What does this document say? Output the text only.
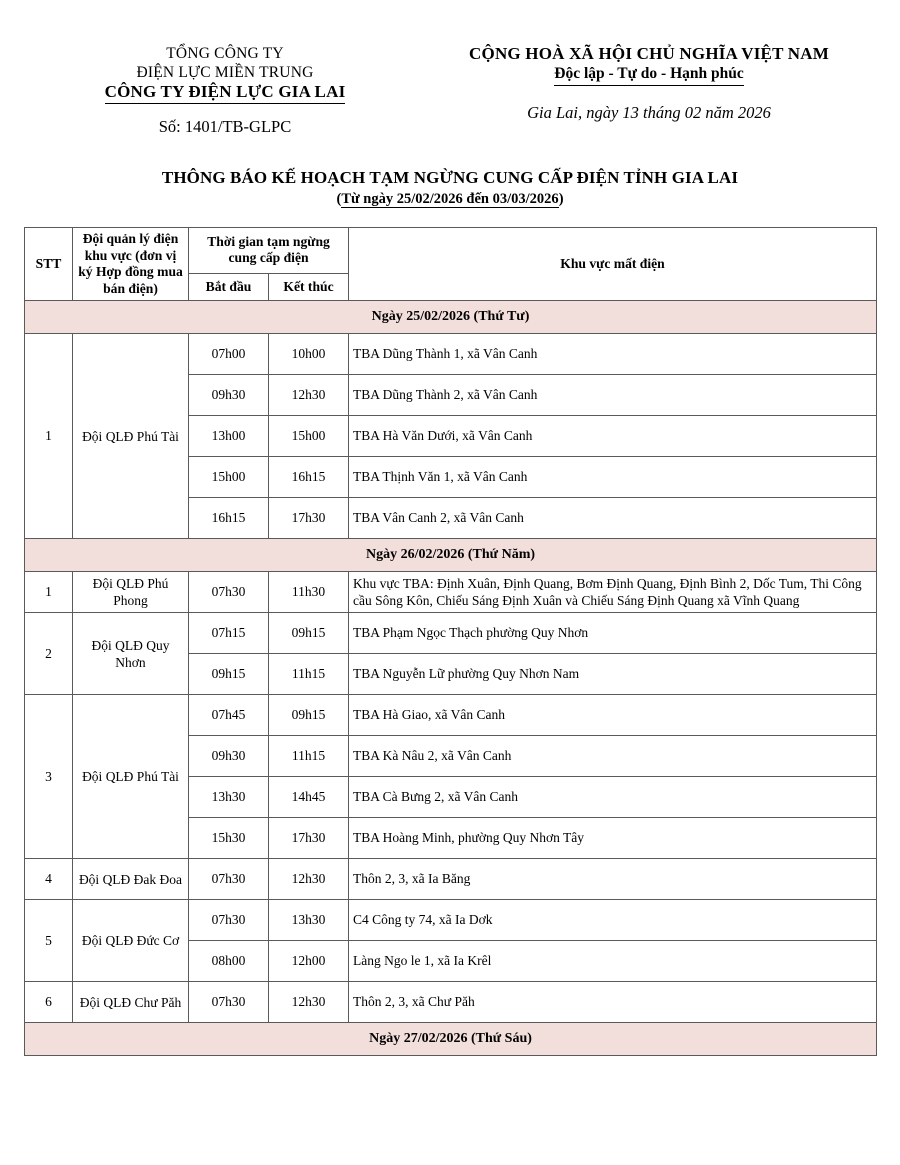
TỔNG CÔNG TY
ĐIỆN LỰC MIỀN TRUNG
CÔNG TY ĐIỆN LỰC GIA LAI
Số: 1401/TB-GLPC
CỘNG HOÀ XÃ HỘI CHỦ NGHĨA VIỆT NAM
Độc lập - Tự do - Hạnh phúc
Gia Lai, ngày 13 tháng 02 năm 2026
THÔNG BÁO KẾ HOẠCH TẠM NGỪNG CUNG CẤP ĐIỆN TỈNH GIA LAI
(Từ ngày 25/02/2026 đến 03/03/2026)
STT	Đội quản lý điện khu vực (đơn vị ký Hợp đồng mua bán điện)	Thời gian tạm ngừng cung cấp điện		Khu vực mất điện
		Bắt đầu	Kết thúc	
Ngày 25/02/2026 (Thứ Tư)				
1	Đội QLĐ Phú Tài	07h00	10h00	TBA Dũng Thành 1, xã Vân Canh
		09h30	12h30	TBA Dũng Thành 2, xã Vân Canh
		13h00	15h00	TBA Hà Văn Dưới, xã Vân Canh
		15h00	16h15	TBA Thịnh Văn 1, xã Vân Canh
		16h15	17h30	TBA Vân Canh 2, xã Vân Canh
Ngày 26/02/2026 (Thứ Năm)				
1	Đội QLĐ Phú Phong	07h30	11h30	Khu vực TBA: Định Xuân, Định Quang, Bơm Định Quang, Định Bình 2, Dốc Tum, Thi Công cầu Sông Kôn, Chiếu Sáng Định Xuân và Chiếu Sáng Định Quang xã Vĩnh Quang
2	Đội QLĐ Quy Nhơn	07h15	09h15	TBA Phạm Ngọc Thạch phường Quy Nhơn
		09h15	11h15	TBA Nguyễn Lữ phường Quy Nhơn Nam
3	Đội QLĐ Phú Tài	07h45	09h15	TBA Hà Giao, xã Vân Canh
		09h30	11h15	TBA Kà Nâu 2, xã Vân Canh
		13h30	14h45	TBA Cà Bưng 2, xã Vân Canh
		15h30	17h30	TBA Hoàng Minh, phường Quy Nhơn Tây
4	Đội QLĐ Đak Đoa	07h30	12h30	Thôn 2, 3, xã Ia Băng
5	Đội QLĐ Đức Cơ	07h30	13h30	C4 Công ty 74, xã Ia Dơk
		08h00	12h00	Làng Ngo le 1, xã Ia Krêl
6	Đội QLĐ Chư Păh	07h30	12h30	Thôn 2, 3, xã Chư Păh
Ngày 27/02/2026 (Thứ Sáu)				
